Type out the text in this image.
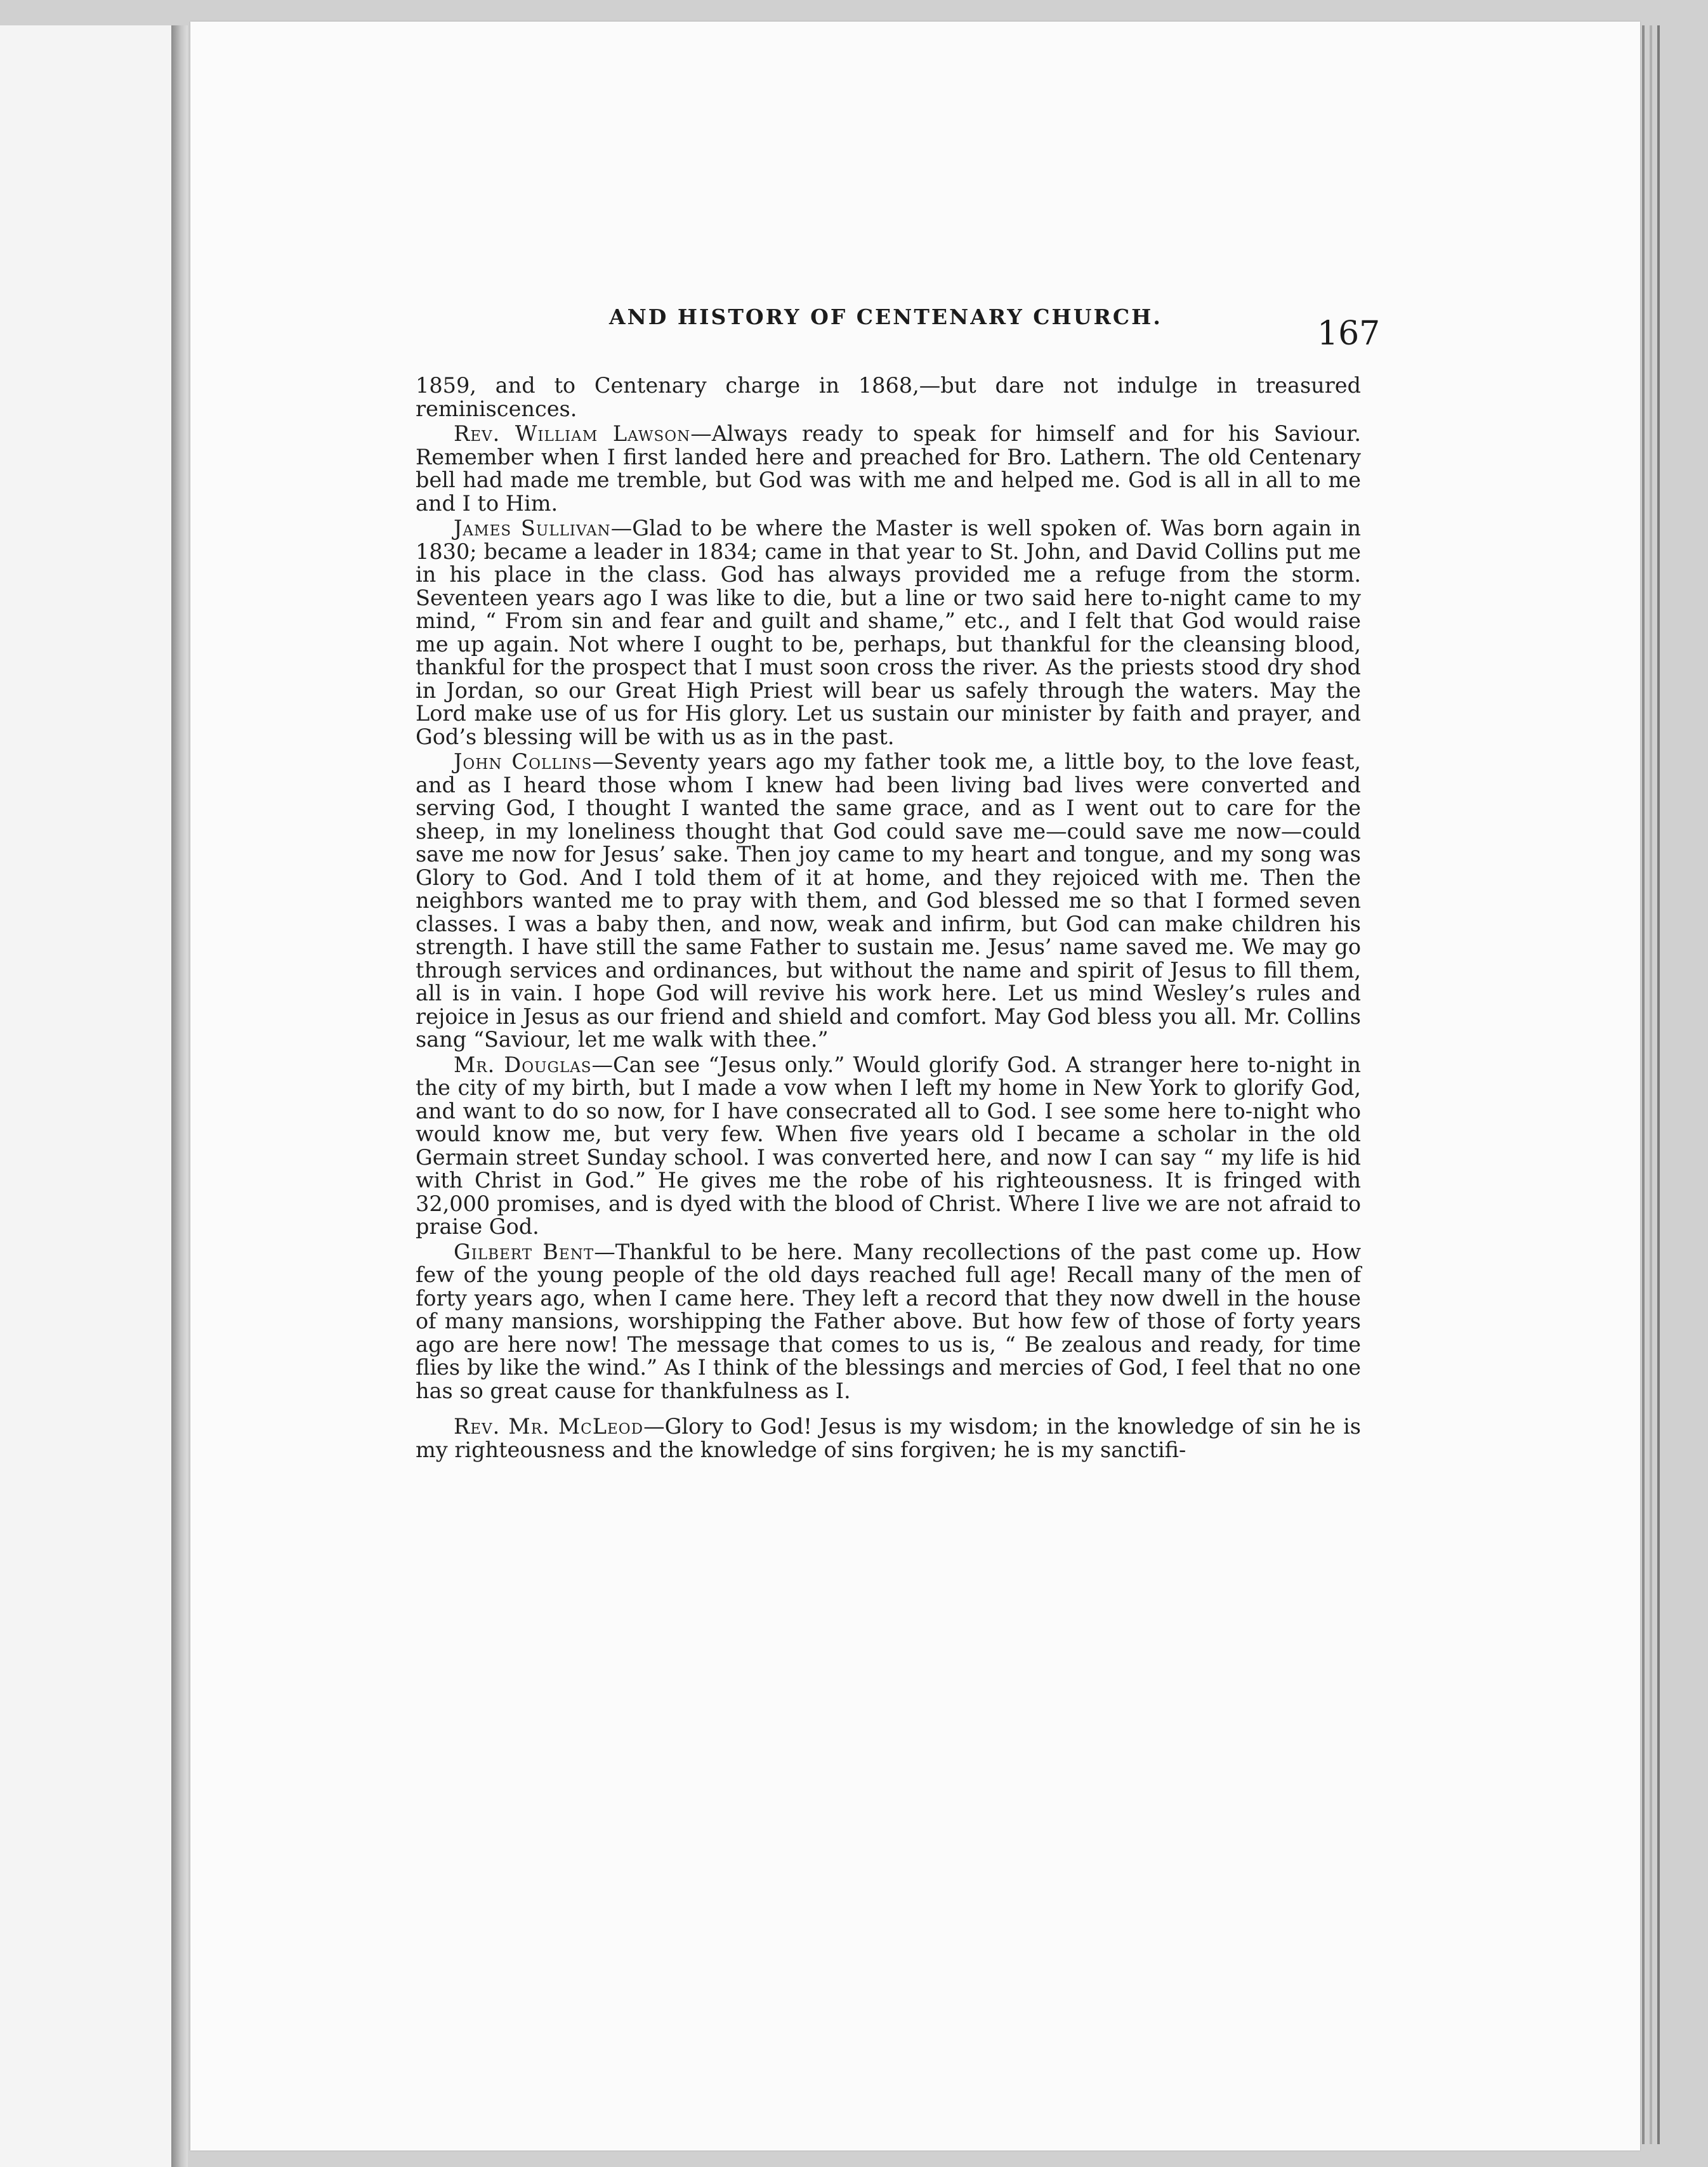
AND HISTORY OF CENTENARY CHURCH.	167

1859, and to Centenary charge in 1868,—but dare not indulge in treasured reminiscences.

Rev. William Lawson—Always ready to speak for himself and for his Saviour. Remember when I first landed here and preached for Bro. Lathern. The old Centenary bell had made me tremble, but God was with me and helped me. God is all in all to me and I to Him.

James Sullivan—Glad to be where the Master is well spoken of. Was born again in 1830; became a leader in 1834; came in that year to St. John, and David Collins put me in his place in the class. God has always provided me a refuge from the storm. Seventeen years ago I was like to die, but a line or two said here to-night came to my mind, “ From sin and fear and guilt and shame,” etc., and I felt that God would raise me up again. Not where I ought to be, perhaps, but thankful for the cleansing blood, thankful for the prospect that I must soon cross the river. As the priests stood dry shod in Jordan, so our Great High Priest will bear us safely through the waters. May the Lord make use of us for His glory. Let us sustain our minister by faith and prayer, and God’s blessing will be with us as in the past.

John Collins—Seventy years ago my father took me, a little boy, to the love feast, and as I heard those whom I knew had been living bad lives were converted and serving God, I thought I wanted the same grace, and as I went out to care for the sheep, in my loneliness thought that God could save me—could save me now—could save me now for Jesus’ sake. Then joy came to my heart and tongue, and my song was Glory to God. And I told them of it at home, and they rejoiced with me. Then the neighbors wanted me to pray with them, and God blessed me so that I formed seven classes. I was a baby then, and now, weak and infirm, but God can make children his strength. I have still the same Father to sustain me. Jesus’ name saved me. We may go through services and ordinances, but without the name and spirit of Jesus to fill them, all is in vain. I hope God will revive his work here. Let us mind Wesley’s rules and rejoice in Jesus as our friend and shield and comfort. May God bless you all. Mr. Collins sang “Saviour, let me walk with thee.”

Mr. Douglas—Can see “Jesus only.” Would glorify God. A stranger here to-night in the city of my birth, but I made a vow when I left my home in New York to glorify God, and want to do so now, for I have consecrated all to God. I see some here to-night who would know me, but very few. When five years old I became a scholar in the old Germain street Sunday school. I was converted here, and now I can say “ my life is hid with Christ in God.” He gives me the robe of his righteousness. It is fringed with 32,000 promises, and is dyed with the blood of Christ. Where I live we are not afraid to praise God.

Gilbert Bent—Thankful to be here. Many recollections of the past come up. How few of the young people of the old days reached full age! Recall many of the men of forty years ago, when I came here. They left a record that they now dwell in the house of many mansions, worshipping the Father above. But how few of those of forty years ago are here now! The message that comes to us is, “ Be zealous and ready, for time flies by like the wind.” As I think of the blessings and mercies of God, I feel that no one has so great cause for thankfulness as I.

Rev. Mr. McLeod—Glory to God! Jesus is my wisdom; in the knowledge of sin he is my righteousness and the knowledge of sins forgiven; he is my sanctifi-
